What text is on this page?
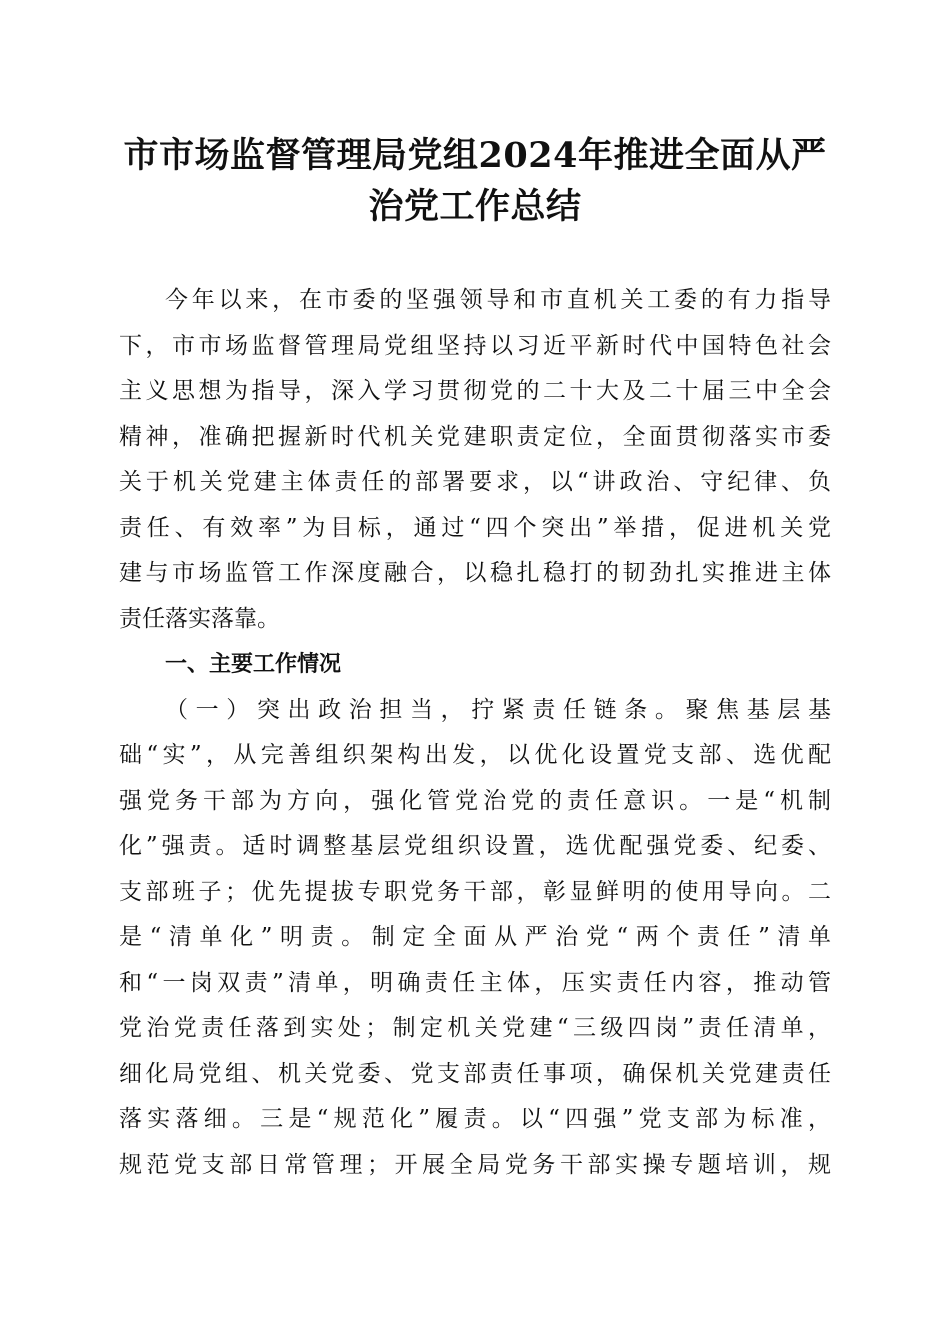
市市场监督管理局党组2024年推进全面从严
治党工作总结
今年以来，在市委的坚强领导和市直机关工委的有力指导
下，市市场监督管理局党组坚持以习近平新时代中国特色社会
主义思想为指导，深入学习贯彻党的二十大及二十届三中全会
精神，准确把握新时代机关党建职责定位，全面贯彻落实市委
关于机关党建主体责任的部署要求，以“讲政治、守纪律、负
责任、有效率”为目标，通过“四个突出”举措，促进机关党
建与市场监管工作深度融合，以稳扎稳打的韧劲扎实推进主体
责任落实落靠。
一、主要工作情况
（一）突出政治担当，拧紧责任链条。聚焦基层基
础“实”，从完善组织架构出发，以优化设置党支部、选优配
强党务干部为方向，强化管党治党的责任意识。一是“机制
化”强责。适时调整基层党组织设置，选优配强党委、纪委、
支部班子；优先提拔专职党务干部，彰显鲜明的使用导向。二
是“清单化”明责。制定全面从严治党“两个责任”清单
和“一岗双责”清单，明确责任主体，压实责任内容，推动管
党治党责任落到实处；制定机关党建“三级四岗”责任清单，
细化局党组、机关党委、党支部责任事项，确保机关党建责任
落实落细。三是“规范化”履责。以“四强”党支部为标准，
规范党支部日常管理；开展全局党务干部实操专题培训，规
